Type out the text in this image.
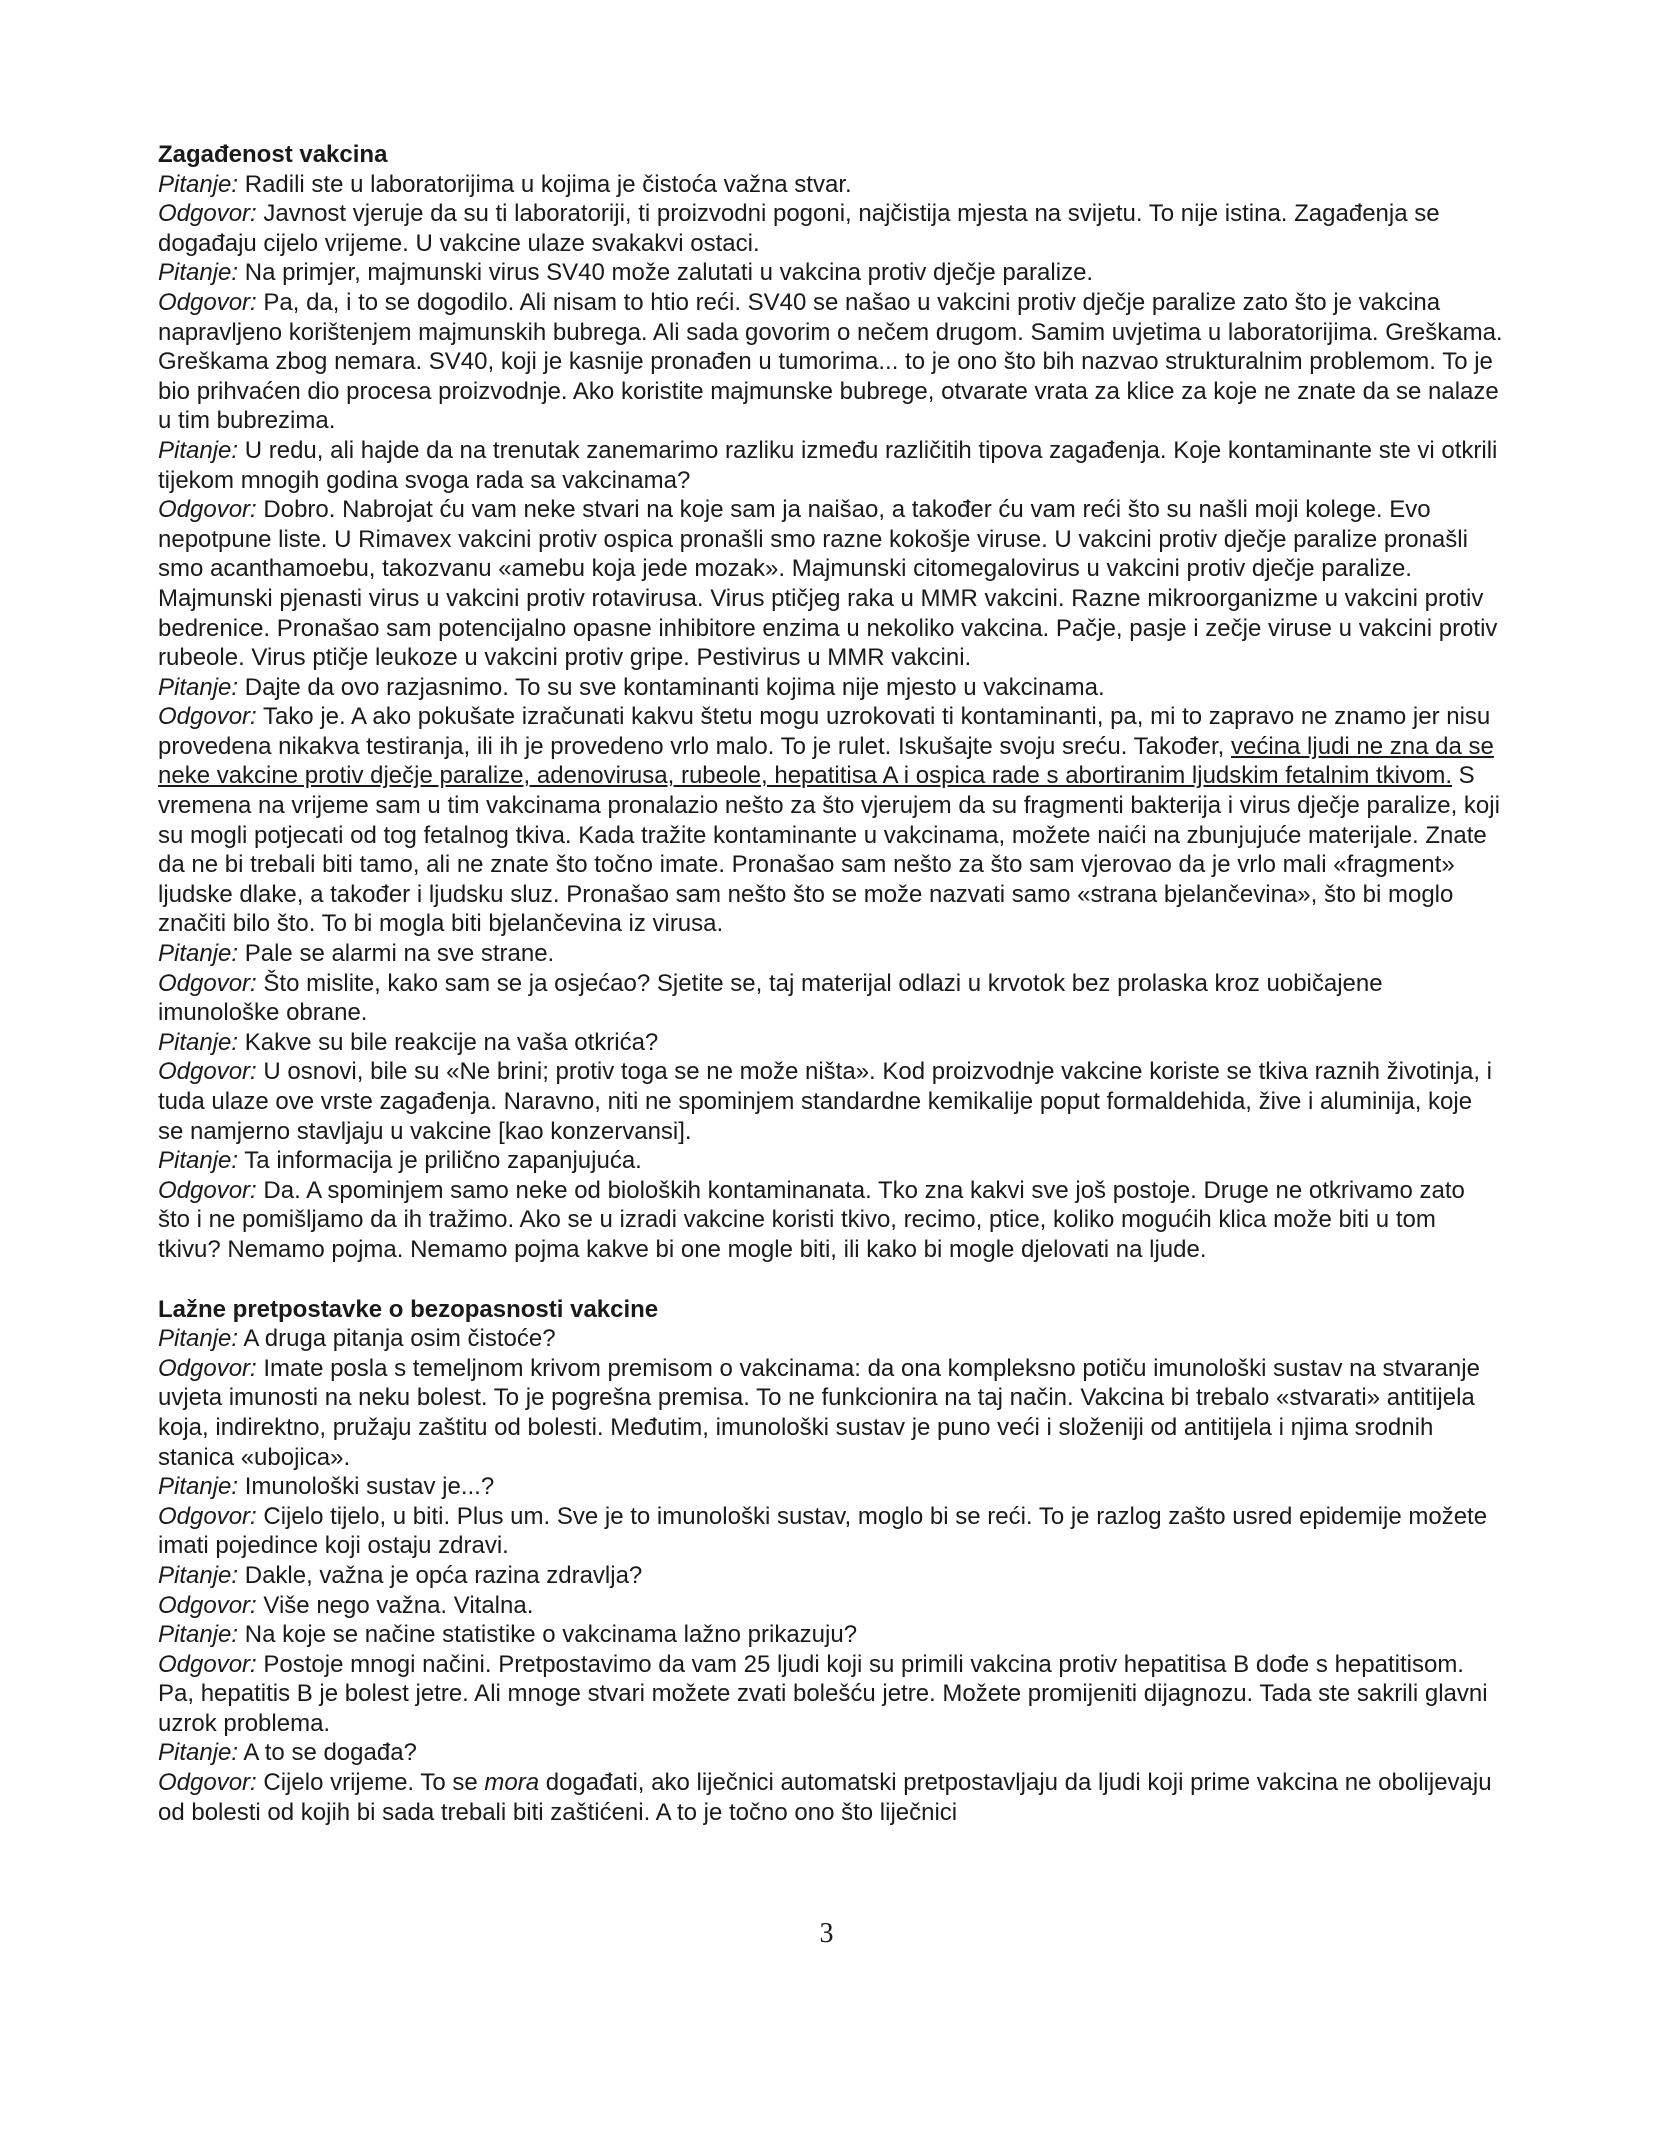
Zagađenost vakcina

Pitanje: Radili ste u laboratorijima u kojima je čistoća važna stvar.

Odgovor: Javnost vjeruje da su ti laboratoriji, ti proizvodni pogoni, najčistija mjesta na svijetu. To nije istina. Zagađenja se događaju cijelo vrijeme. U vakcine ulaze svakakvi ostaci.

Pitanje: Na primjer, majmunski virus SV40 može zalutati u vakcina protiv dječje paralize.

Odgovor: Pa, da, i to se dogodilo. Ali nisam to htio reći. SV40 se našao u vakcini protiv dječje paralize zato što je vakcina napravljeno korištenjem majmunskih bubrega. Ali sada govorim o nečem drugom. Samim uvjetima u laboratorijima. Greškama. Greškama zbog nemara. SV40, koji je kasnije pronađen u tumorima... to je ono što bih nazvao strukturalnim problemom. To je bio prihvaćen dio procesa proizvodnje. Ako koristite majmunske bubrege, otvarate vrata za klice za koje ne znate da se nalaze u tim bubrezima.

Pitanje: U redu, ali hajde da na trenutak zanemarimo razliku između različitih tipova zagađenja. Koje kontaminante ste vi otkrili tijekom mnogih godina svoga rada sa vakcinama?

Odgovor: Dobro. Nabrojat ću vam neke stvari na koje sam ja naišao, a također ću vam reći što su našli moji kolege. Evo nepotpune liste. U Rimavex vakcini protiv ospica pronašli smo razne kokošje viruse. U vakcini protiv dječje paralize pronašli smo acanthamoebu, takozvanu «amebu koja jede mozak». Majmunski citomegalovirus u vakcini protiv dječje paralize. Majmunski pjenasti virus u vakcini protiv rotavirusa. Virus ptičjeg raka u MMR vakcini. Razne mikroorganizme u vakcini protiv bedrenice. Pronašao sam potencijalno opasne inhibitore enzima u nekoliko vakcina. Pačje, pasje i zečje viruse u vakcini protiv rubeole. Virus ptičje leukoze u vakcini protiv gripe. Pestivirus u MMR vakcini.

Pitanje: Dajte da ovo razjasnimo. To su sve kontaminanti kojima nije mjesto u vakcinama.

Odgovor: Tako je. A ako pokušate izračunati kakvu štetu mogu uzrokovati ti kontaminanti, pa, mi to zapravo ne znamo jer nisu provedena nikakva testiranja, ili ih je provedeno vrlo malo. To je rulet. Iskušajte svoju sreću. Također, većina ljudi ne zna da se neke vakcine protiv dječje paralize, adenovirusa, rubeole, hepatitisa A i ospica rade s abortiranim ljudskim fetalnim tkivom. S vremena na vrijeme sam u tim vakcinama pronalazio nešto za što vjerujem da su fragmenti bakterija i virus dječje paralize, koji su mogli potjecati od tog fetalnog tkiva. Kada tražite kontaminante u vakcinama, možete naići na zbunjujuće materijale. Znate da ne bi trebali biti tamo, ali ne znate što točno imate. Pronašao sam nešto za što sam vjerovao da je vrlo mali «fragment» ljudske dlake, a također i ljudsku sluz. Pronašao sam nešto što se može nazvati samo «strana bjelančevina», što bi moglo značiti bilo što. To bi mogla biti bjelančevina iz virusa.

Pitanje: Pale se alarmi na sve strane.

Odgovor: Što mislite, kako sam se ja osjećao? Sjetite se, taj materijal odlazi u krvotok bez prolaska kroz uobičajene imunološke obrane.

Pitanje: Kakve su bile reakcije na vaša otkrića?

Odgovor: U osnovi, bile su «Ne brini; protiv toga se ne može ništa». Kod proizvodnje vakcine koriste se tkiva raznih životinja, i tuda ulaze ove vrste zagađenja. Naravno, niti ne spominjem standardne kemikalije poput formaldehida, žive i aluminija, koje se namjerno stavljaju u vakcine [kao konzervansi].

Pitanje: Ta informacija je prilično zapanjujuća.

Odgovor: Da. A spominjem samo neke od bioloških kontaminanata. Tko zna kakvi sve još postoje. Druge ne otkrivamo zato što i ne pomišljamo da ih tražimo. Ako se u izradi vakcine koristi tkivo, recimo, ptice, koliko mogućih klica može biti u tom tkivu? Nemamo pojma. Nemamo pojma kakve bi one mogle biti, ili kako bi mogle djelovati na ljude.

Lažne pretpostavke o bezopasnosti vakcine

Pitanje: A druga pitanja osim čistoće?

Odgovor: Imate posla s temeljnom krivom premisom o vakcinama: da ona kompleksno potiču imunološki sustav na stvaranje uvjeta imunosti na neku bolest. To je pogrešna premisa. To ne funkcionira na taj način. Vakcina bi trebalo «stvarati» antitijela koja, indirektno, pružaju zaštitu od bolesti. Međutim, imunološki sustav je puno veći i složeniji od antitijela i njima srodnih stanica «ubojica».

Pitanje: Imunološki sustav je...?

Odgovor: Cijelo tijelo, u biti. Plus um. Sve je to imunološki sustav, moglo bi se reći. To je razlog zašto usred epidemije možete imati pojedince koji ostaju zdravi.

Pitanje: Dakle, važna je opća razina zdravlja?

Odgovor: Više nego važna. Vitalna.

Pitanje: Na koje se načine statistike o vakcinama lažno prikazuju?

Odgovor: Postoje mnogi načini. Pretpostavimo da vam 25 ljudi koji su primili vakcina protiv hepatitisa B dođe s hepatitisom. Pa, hepatitis B je bolest jetre. Ali mnoge stvari možete zvati bolešću jetre. Možete promijeniti dijagnozu. Tada ste sakrili glavni uzrok problema.

Pitanje: A to se događa?

Odgovor: Cijelo vrijeme. To se mora događati, ako liječnici automatski pretpostavljaju da ljudi koji prime vakcina ne obolijevaju od bolesti od kojih bi sada trebali biti zaštićeni. A to je točno ono što liječnici

3
